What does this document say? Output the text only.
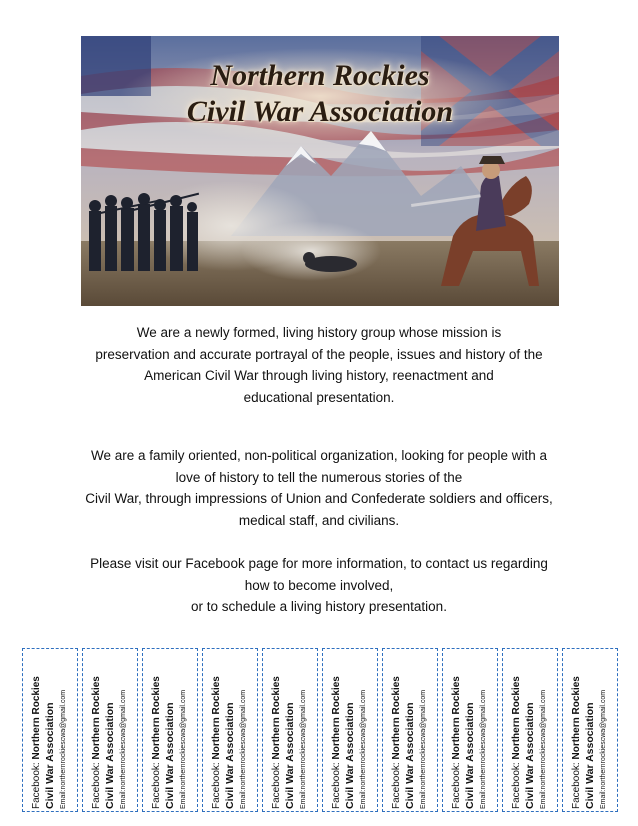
Northern Rockies
Civil War Association
We are a newly formed, living history group whose mission is
preservation and accurate portrayal of the people, issues and history of the
American Civil War through living history, reenactment and
educational presentation.
We are a family oriented, non-political organization, looking for people with a
love of history to tell the numerous stories of the
Civil War, through impressions of Union and Confederate soldiers and officers,
medical staff, and civilians.
Please visit our Facebook page for more information, to contact us regarding
how to become involved,
or to schedule a living history presentation.
Facebook: Northern Rockies Civil War Association Email:northernrockiescwa@gmail.com	Facebook: Northern Rockies Civil War Association Email:northernrockiescwa@gmail.com	Facebook: Northern Rockies Civil War Association Email:northernrockiescwa@gmail.com	Facebook: Northern Rockies Civil War Association Email:northernrockiescwa@gmail.com	Facebook: Northern Rockies Civil War Association Email:northernrockiescwa@gmail.com	Facebook: Northern Rockies Civil War Association Email:northernrockiescwa@gmail.com	Facebook: Northern Rockies Civil War Association Email:northernrockiescwa@gmail.com	Facebook: Northern Rockies Civil War Association Email:northernrockiescwa@gmail.com	Facebook: Northern Rockies Civil War Association Email:northernrockiescwa@gmail.com	Facebook: Northern Rockies Civil War Association Email:northernrockiescwa@gmail.com
